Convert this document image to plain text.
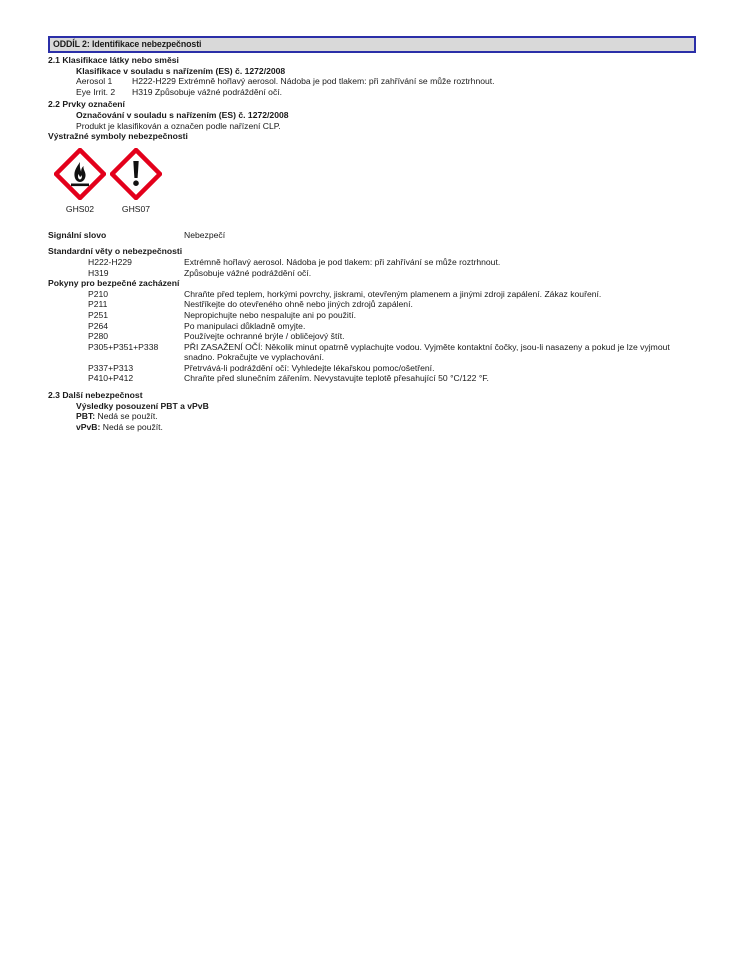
ODDÍL 2: Identifikace nebezpečnosti
2.1 Klasifikace látky nebo směsi
Klasifikace v souladu s nařízením (ES) č. 1272/2008
Aerosol 1	H222-H229 Extrémně hořlavý aerosol. Nádoba je pod tlakem: při zahřívání se může roztrhnout.
Eye Irrit. 2	H319 Způsobuje vážné podráždění očí.
2.2 Prvky označení
Označování v souladu s nařízením (ES) č. 1272/2008
Produkt je klasifikován a označen podle nařízení CLP.
Výstražné symboly nebezpečnosti
GHS02	GHS07
Signální slovo	Nebezpečí
Standardní věty o nebezpečnosti
H222-H229	Extrémně hořlavý aerosol. Nádoba je pod tlakem: při zahřívání se může roztrhnout.
H319	Způsobuje vážné podráždění očí.
Pokyny pro bezpečné zacházení
P210	Chraňte před teplem, horkými povrchy, jiskrami, otevřeným plamenem a jinými zdroji zapálení. Zákaz kouření.
P211	Nestříkejte do otevřeného ohně nebo jiných zdrojů zapálení.
P251	Nepropichujte nebo nespalujte ani po použití.
P264	Po manipulaci důkladně omyjte.
P280	Používejte ochranné brýle / obličejový štít.
P305+P351+P338	PŘI ZASAŽENÍ OČÍ: Několik minut opatrně vyplachujte vodou. Vyjměte kontaktní čočky, jsou-li nasazeny a pokud je lze vyjmout snadno. Pokračujte ve vyplachování.
P337+P313	Přetrvává-li podráždění očí: Vyhledejte lékařskou pomoc/ošetření.
P410+P412	Chraňte před slunečním zářením. Nevystavujte teplotě přesahující 50 °C/122 °F.
2.3 Další nebezpečnost
Výsledky posouzení PBT a vPvB
PBT: Nedá se použít.
vPvB: Nedá se použít.
